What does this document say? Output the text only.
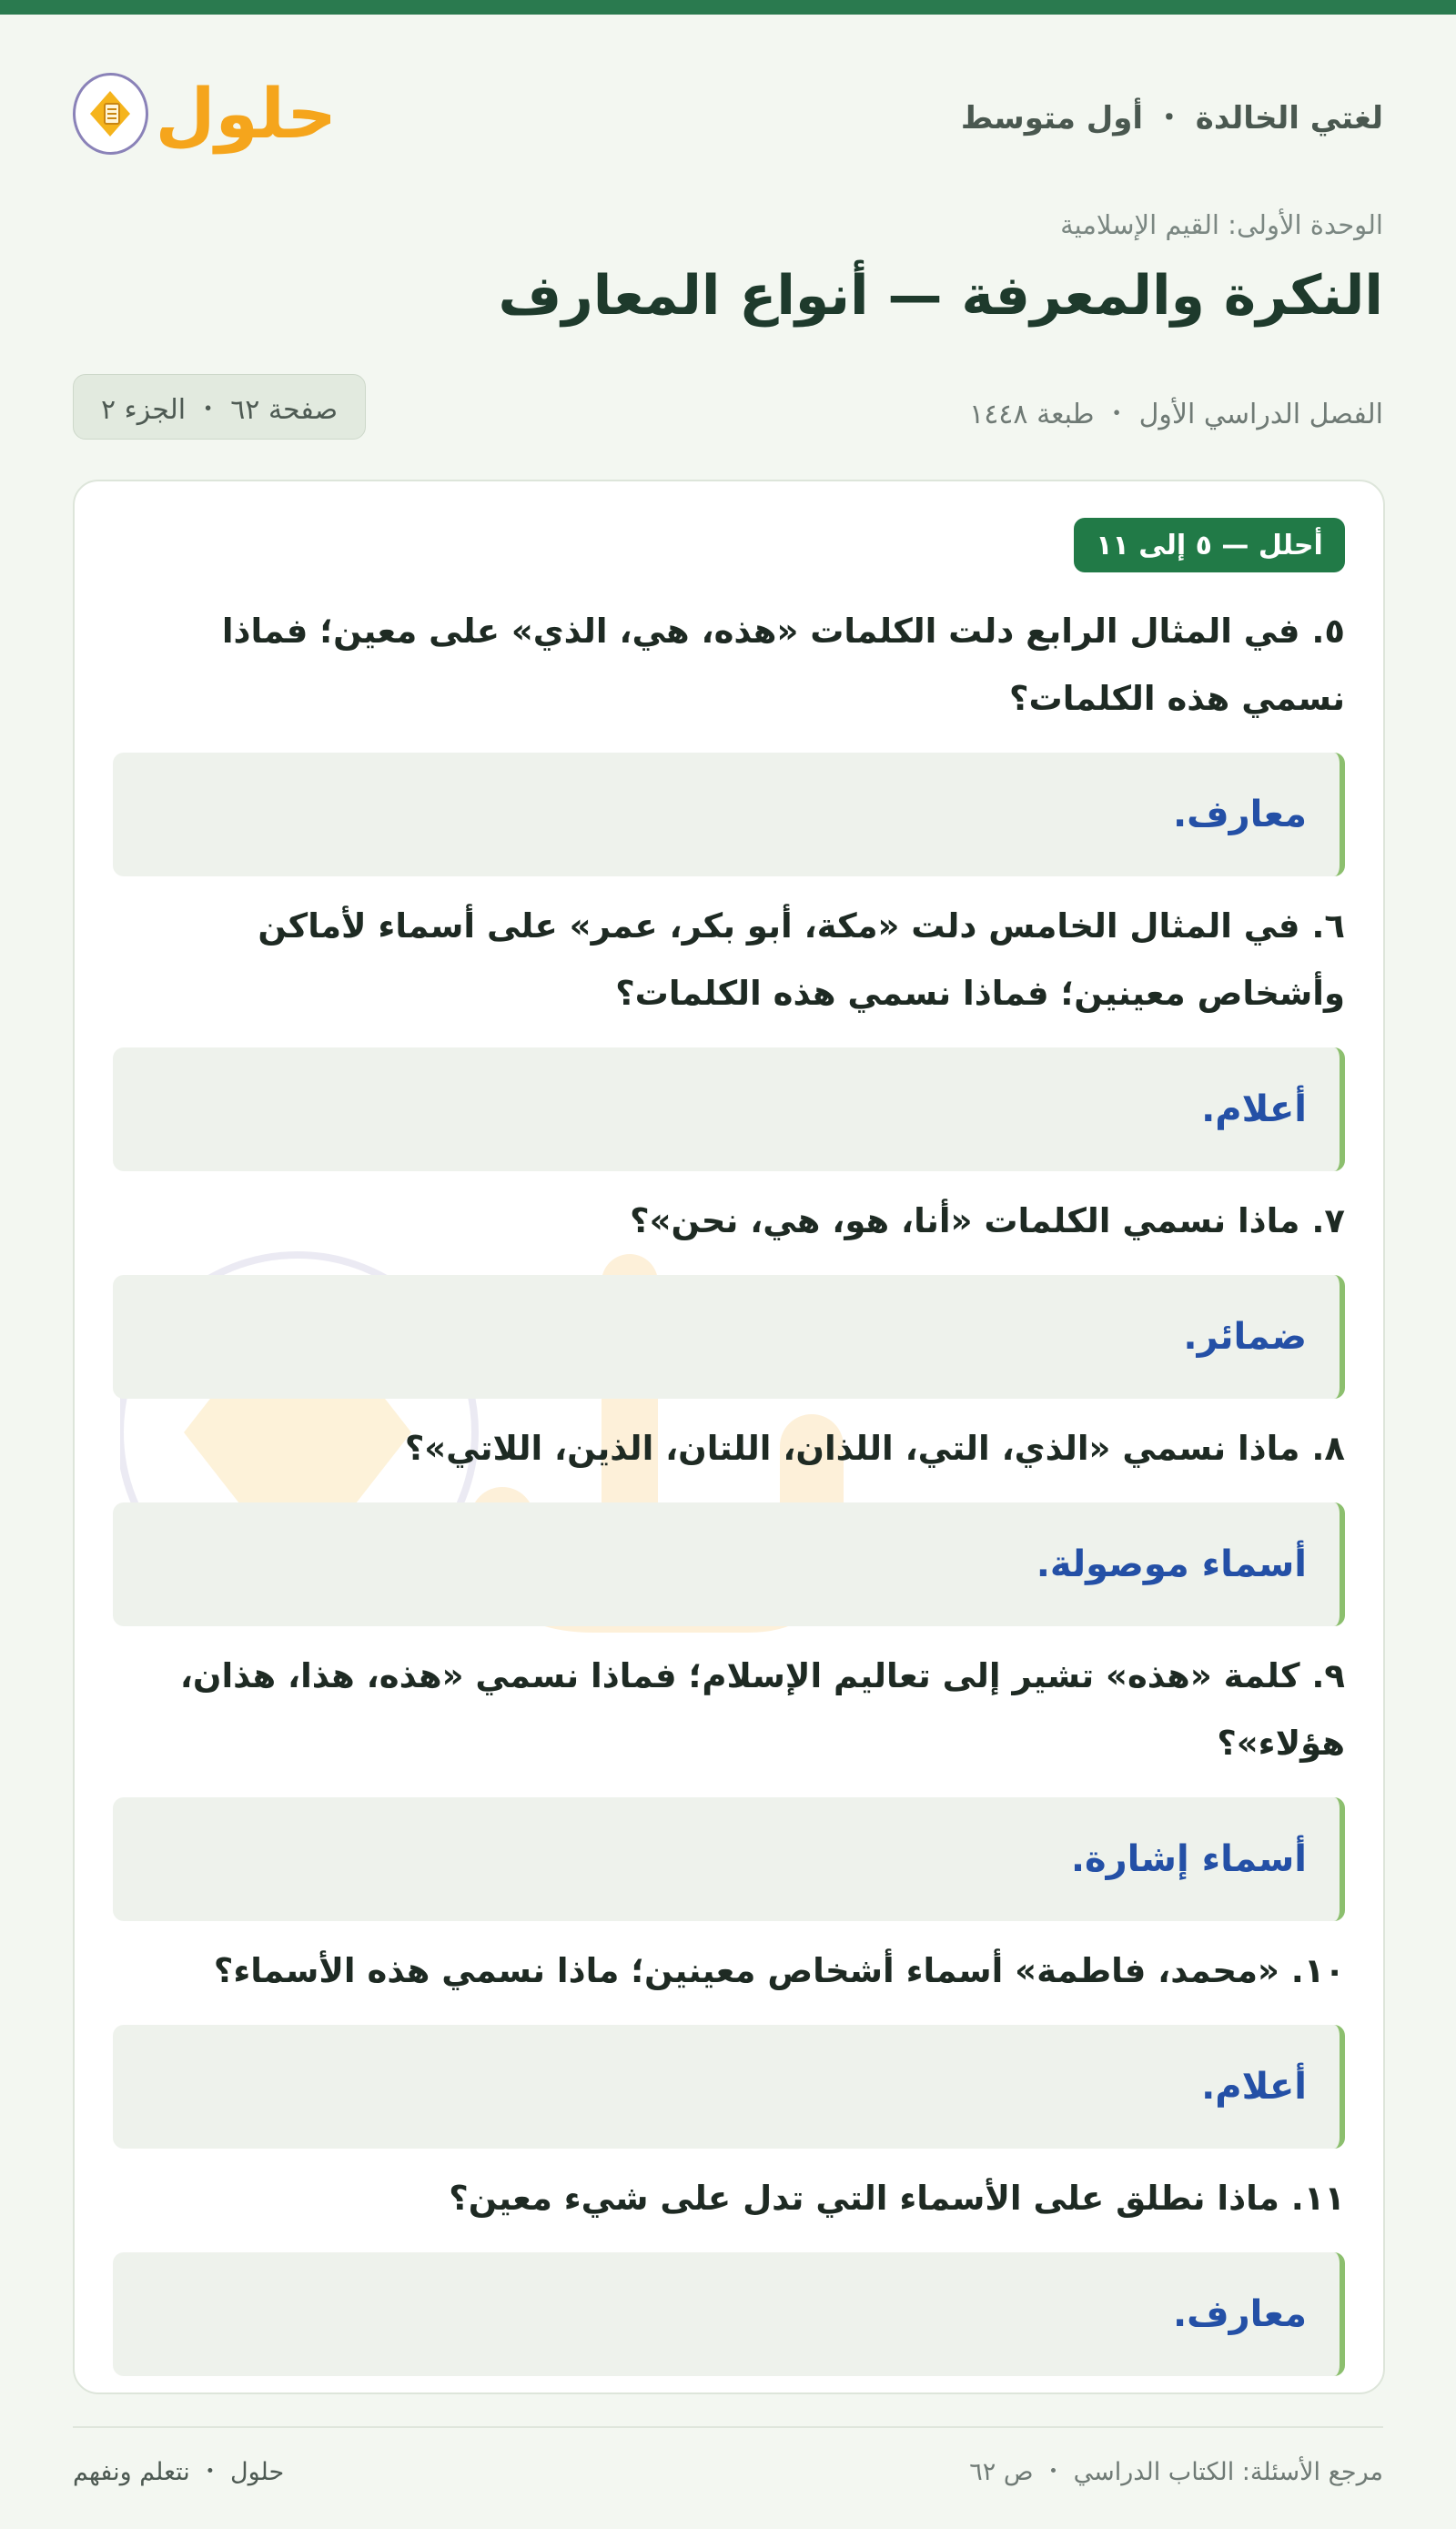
لغتي الخالدة ・ أول متوسط
حلول
الوحدة الأولى: القيم الإسلامية
النكرة والمعرفة — أنواع المعارف
الفصل الدراسي الأول ・ طبعة ١٤٤٨
صفحة ٦٢ ・ الجزء ٢
أحلل — ٥ إلى ١١
٥. في المثال الرابع دلت الكلمات «هذه، هي، الذي» على معين؛ فماذا نسمي هذه الكلمات؟
معارف.
٦. في المثال الخامس دلت «مكة، أبو بكر، عمر» على أسماء لأماكن وأشخاص معينين؛ فماذا نسمي هذه الكلمات؟
أعلام.
٧. ماذا نسمي الكلمات «أنا، هو، هي، نحن»؟
ضمائر.
٨. ماذا نسمي «الذي، التي، اللذان، اللتان، الذين، اللاتي»؟
أسماء موصولة.
٩. كلمة «هذه» تشير إلى تعاليم الإسلام؛ فماذا نسمي «هذه، هذا، هذان، هؤلاء»؟
أسماء إشارة.
١٠. «محمد، فاطمة» أسماء أشخاص معينين؛ ماذا نسمي هذه الأسماء؟
أعلام.
١١. ماذا نطلق على الأسماء التي تدل على شيء معين؟
معارف.
مرجع الأسئلة: الكتاب الدراسي ・ ص ٦٢
حلول ・ نتعلم ونفهم
